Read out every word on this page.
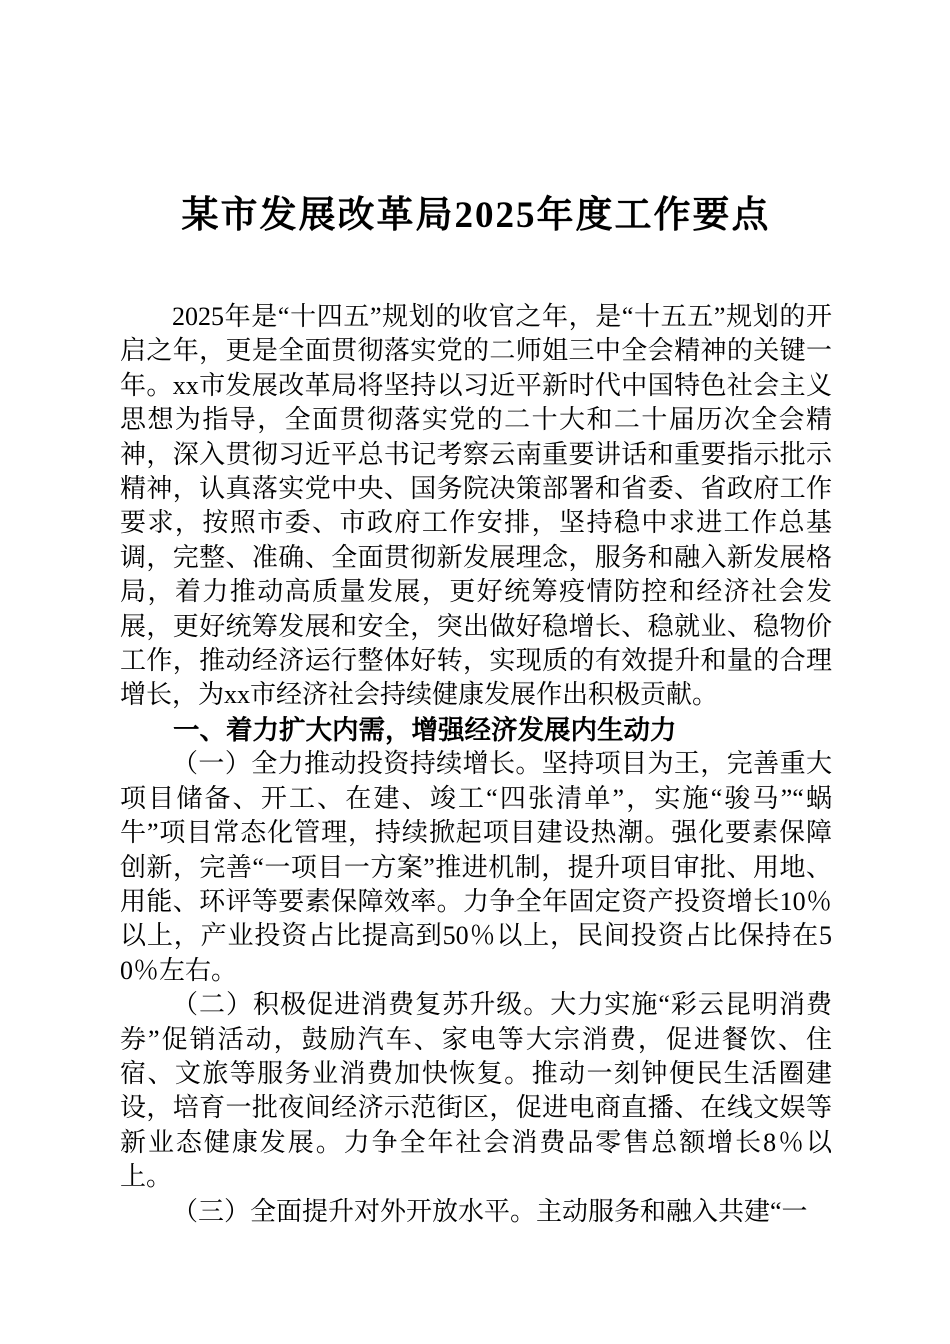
某市发展改革局2025年度工作要点

2025年是“十四五”规划的收官之年，是“十五五”规划的开启之年，更是全面贯彻落实党的二师姐三中全会精神的关键一年。xx市发展改革局将坚持以习近平新时代中国特色社会主义思想为指导，全面贯彻落实党的二十大和二十届历次全会精神，深入贯彻习近平总书记考察云南重要讲话和重要指示批示精神，认真落实党中央、国务院决策部署和省委、省政府工作要求，按照市委、市政府工作安排，坚持稳中求进工作总基调，完整、准确、全面贯彻新发展理念，服务和融入新发展格局，着力推动高质量发展，更好统筹疫情防控和经济社会发展，更好统筹发展和安全，突出做好稳增长、稳就业、稳物价工作，推动经济运行整体好转，实现质的有效提升和量的合理增长，为xx市经济社会持续健康发展作出积极贡献。

一、着力扩大内需，增强经济发展内生动力

（一）全力推动投资持续增长。坚持项目为王，完善重大项目储备、开工、在建、竣工“四张清单”，实施“骏马”“蜗牛”项目常态化管理，持续掀起项目建设热潮。强化要素保障创新，完善“一项目一方案”推进机制，提升项目审批、用地、用能、环评等要素保障效率。力争全年固定资产投资增长10％以上，产业投资占比提高到50％以上，民间投资占比保持在50％左右。

（二）积极促进消费复苏升级。大力实施“彩云昆明消费券”促销活动，鼓励汽车、家电等大宗消费，促进餐饮、住宿、文旅等服务业消费加快恢复。推动一刻钟便民生活圈建设，培育一批夜间经济示范街区，促进电商直播、在线文娱等新业态健康发展。力争全年社会消费品零售总额增长8％以上。

（三）全面提升对外开放水平。主动服务和融入共建“一
